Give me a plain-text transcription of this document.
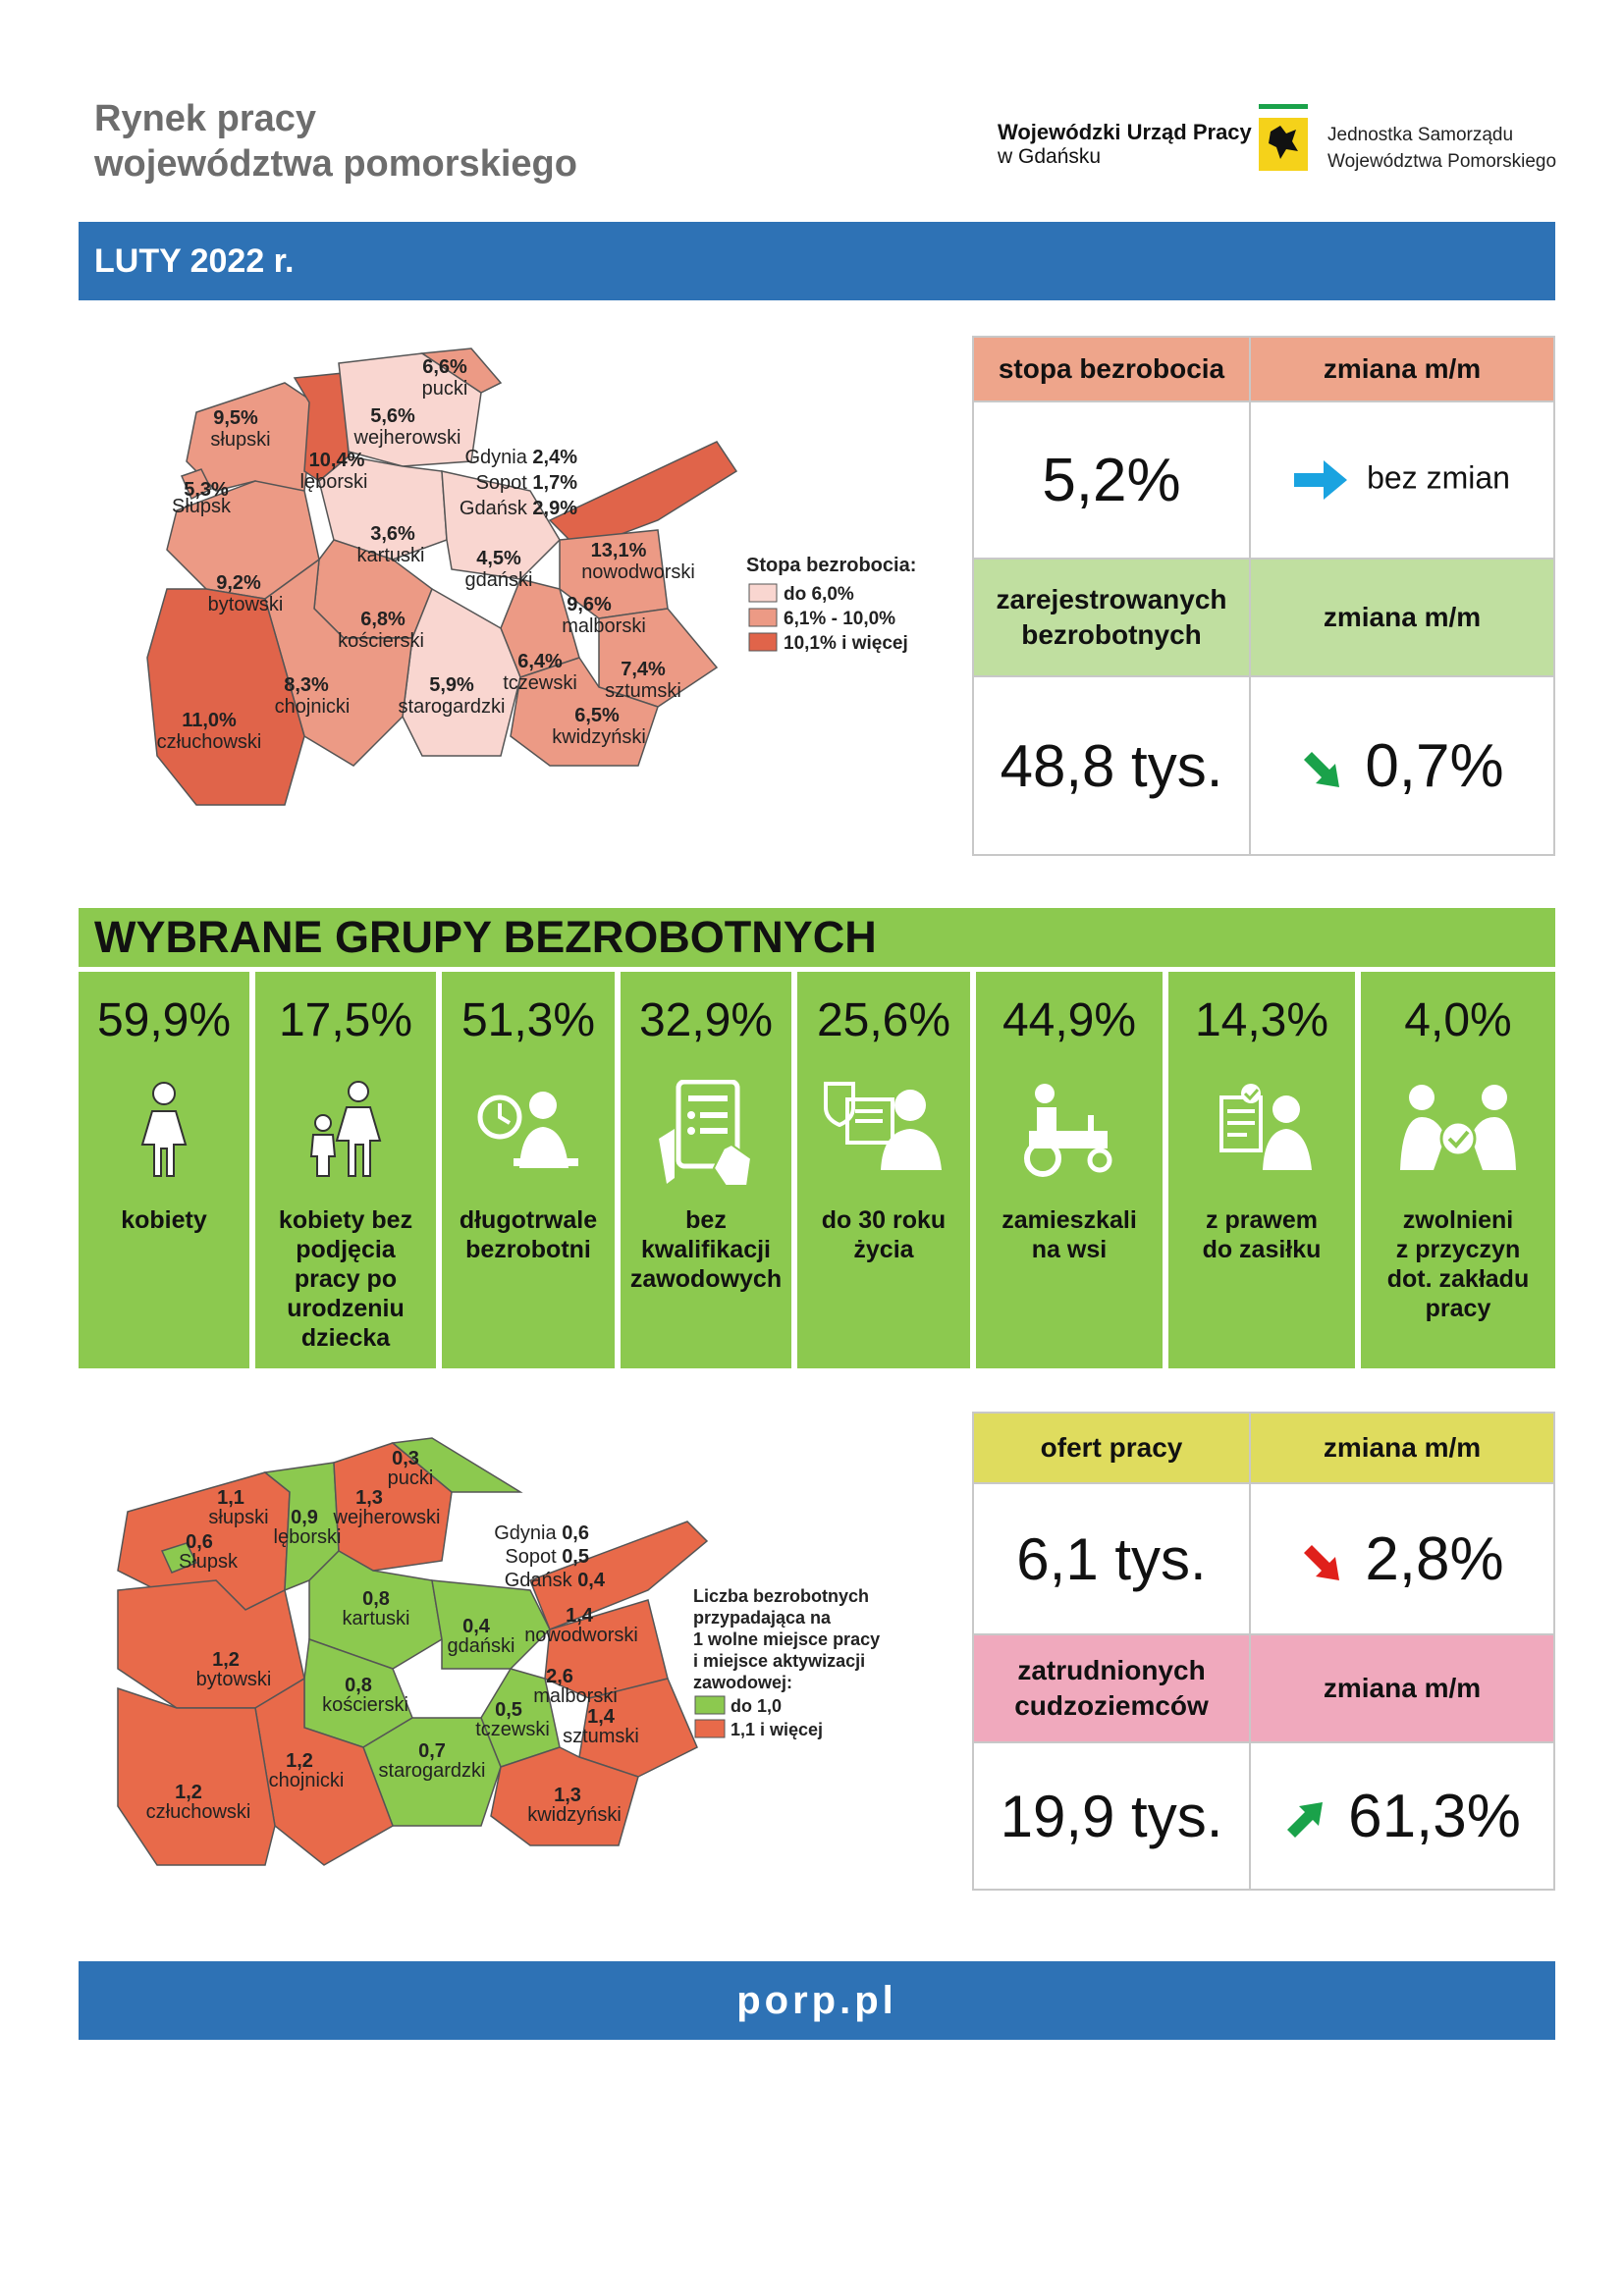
Rynek pracy
województwa pomorskiego
Wojewódzki Urząd Pracy
w Gdańsku
Jednostka Samorządu
Województwa Pomorskiego
LUTY 2022 r.
6,6%
pucki
9,5%
słupski
5,6%
wejherowski
10,4%
lęborski
5,3%
Słupsk
3,6%
kartuski	4,5%
gdański
13,1%
nowodworski
9,2%
bytowski
6,8%
kościerski
9,6%
malborski
6,4%
tczewski
7,4%
sztumski
8,3%
chojnicki
5,9%
starogardzki	6,5%
kwidzyński
11,0%
człuchowski
Gdynia 2,4%
Sopot 1,7%
Gdańsk 2,9%
Stopa bezrobocia:
do 6,0%
6,1% - 10,0%
10,1% i więcej
stopa bezrobocia	zmiana m/m
5,2%	bez zmian

zarejestrowanych
bezrobotnych	zmiana m/m
48,8 tys.	0,7%
WYBRANE GRUPY BEZROBOTNYCH
59,9%
kobiety
17,5%
kobiety bez
podjęcia
pracy po
urodzeniu
dziecka
51,3%
długotrwale
bezrobotni
32,9%
bez
kwalifikacji
zawodowych
25,6%
do 30 roku
życia
44,9%
zamieszkali
na wsi
14,3%
z prawem
do zasiłku
4,0%
zwolnieni
z przyczyn
dot. zakładu
pracy
0,3
pucki
1,1
słupski
1,3
wejherowski
0,9
lęborski
0,6
Słupsk
0,8
kartuski	0,4
gdański
1,4
nowodworski
1,2
bytowski	0,8
kościerski
2,6
malborski
0,5
tczewski
1,4
sztumski
1,2
chojnicki
0,7
starogardzki
1,3
kwidzyński
1,2
człuchowski
Gdynia 0,6
Sopot 0,5
Gdańsk 0,4
Liczba bezrobotnych
przypadająca na
1 wolne miejsce pracy
i miejsce aktywizacji
zawodowej:
do 1,0
1,1 i więcej
ofert pracy	zmiana m/m
6,1 tys.	2,8%

zatrudnionych
cudzoziemców	zmiana m/m
19,9 tys.	61,3%
porp.pl
